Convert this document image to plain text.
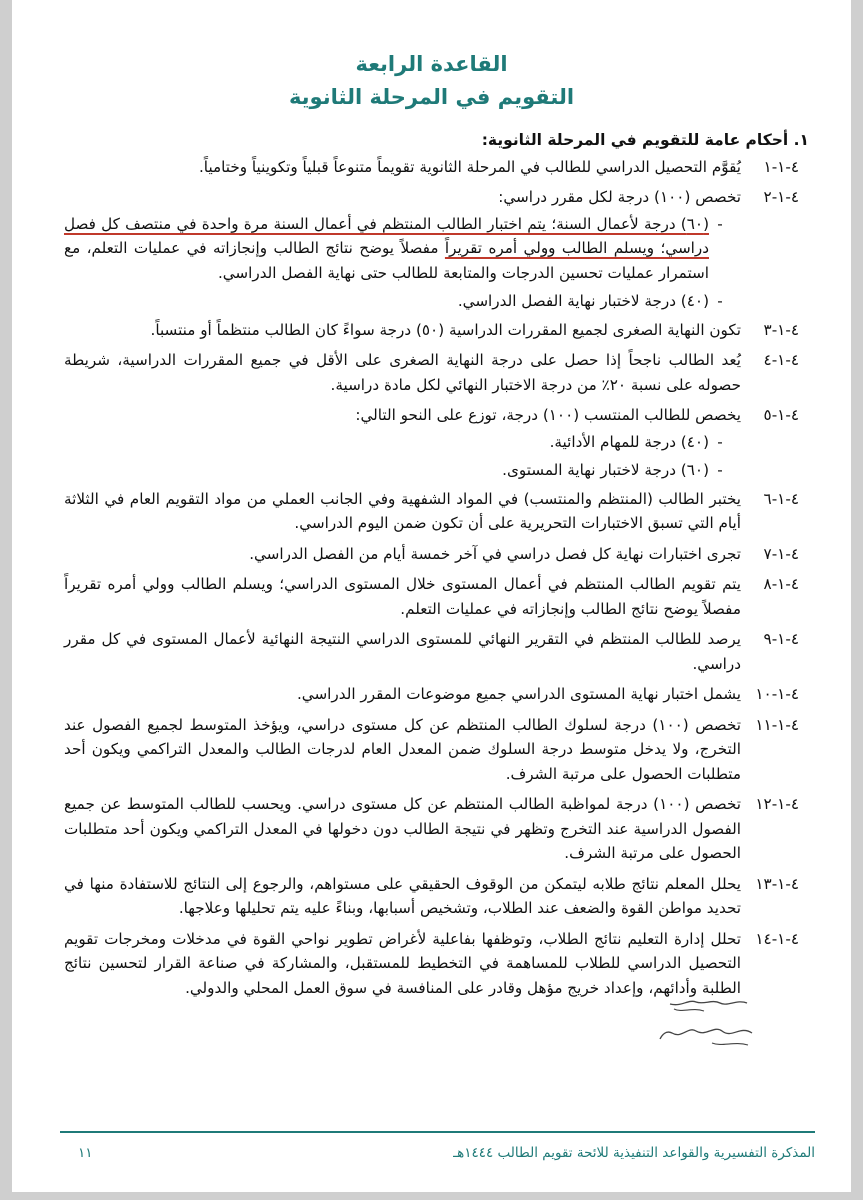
القاعدة الرابعة
التقويم في المرحلة الثانوية
١. أحكام عامة للتقويم في المرحلة الثانوية:
٤-١-١
يُقوَّم التحصيل الدراسي للطالب في المرحلة الثانوية تقويماً متنوعاً قبلياً وتكوينياً وختامياً.
٤-١-٢
تخصص (١٠٠) درجة لكل مقرر دراسي:
-
(٦٠) درجة لأعمال السنة؛ يتم اختبار الطالب المنتظم في أعمال السنة مرة واحدة في منتصف كل فصل دراسي؛ ويسلم الطالب وولي أمره تقريراً مفصلاً يوضح نتائج الطالب وإنجازاته في عمليات التعلم، مع استمرار عمليات تحسين الدرجات والمتابعة للطالب حتى نهاية الفصل الدراسي.
-
(٤٠) درجة لاختبار نهاية الفصل الدراسي.
٤-١-٣
تكون النهاية الصغرى لجميع المقررات الدراسية (٥٠) درجة سواءً كان الطالب منتظماً أو منتسباً.
٤-١-٤
يُعد الطالب ناجحاً إذا حصل على درجة النهاية الصغرى على الأقل في جميع المقررات الدراسية، شريطة حصوله على نسبة ٢٠٪ من درجة الاختبار النهائي لكل مادة دراسية.
٤-١-٥
يخصص للطالب المنتسب (١٠٠) درجة، توزع على النحو التالي:
-
(٤٠) درجة للمهام الأدائية.
-
(٦٠) درجة لاختبار نهاية المستوى.
٤-١-٦
يختبر الطالب (المنتظم والمنتسب) في المواد الشفهية وفي الجانب العملي من مواد التقويم العام في الثلاثة أيام التي تسبق الاختبارات التحريرية على أن تكون ضمن اليوم الدراسي.
٤-١-٧
تجرى اختبارات نهاية كل فصل دراسي في آخر خمسة أيام من الفصل الدراسي.
٤-١-٨
يتم تقويم الطالب المنتظم في أعمال المستوى خلال المستوى الدراسي؛ ويسلم الطالب وولي أمره تقريراً مفصلاً يوضح نتائج الطالب وإنجازاته في عمليات التعلم.
٤-١-٩
يرصد للطالب المنتظم في التقرير النهائي للمستوى الدراسي النتيجة النهائية لأعمال المستوى في كل مقرر دراسي.
٤-١-١٠
يشمل اختبار نهاية المستوى الدراسي جميع موضوعات المقرر الدراسي.
٤-١-١١
تخصص (١٠٠) درجة لسلوك الطالب المنتظم عن كل مستوى دراسي، ويؤخذ المتوسط لجميع الفصول عند التخرج، ولا يدخل متوسط درجة السلوك ضمن المعدل العام لدرجات الطالب والمعدل التراكمي ويكون أحد متطلبات الحصول على مرتبة الشرف.
٤-١-١٢
تخصص (١٠٠) درجة لمواظبة الطالب المنتظم عن كل مستوى دراسي. ويحسب للطالب المتوسط عن جميع الفصول الدراسية عند التخرج وتظهر في نتيجة الطالب دون دخولها في المعدل التراكمي ويكون أحد متطلبات الحصول على مرتبة الشرف.
٤-١-١٣
يحلل المعلم نتائج طلابه ليتمكن من الوقوف الحقيقي على مستواهم، والرجوع إلى النتائج للاستفادة منها في تحديد مواطن القوة والضعف عند الطلاب، وتشخيص أسبابها، وبناءً عليه يتم تحليلها وعلاجها.
٤-١-١٤
تحلل إدارة التعليم نتائج الطلاب، وتوظفها بفاعلية لأغراض تطوير نواحي القوة في مدخلات ومخرجات تقويم التحصيل الدراسي للطلاب للمساهمة في التخطيط للمستقبل، والمشاركة في صناعة القرار لتحسين نتائج الطلبة وأدائهم، وإعداد خريج مؤهل وقادر على المنافسة في سوق العمل المحلي والدولي.
المذكرة التفسيرية والقواعد التنفيذية للائحة تقويم الطالب ١٤٤٤هـ
١١
